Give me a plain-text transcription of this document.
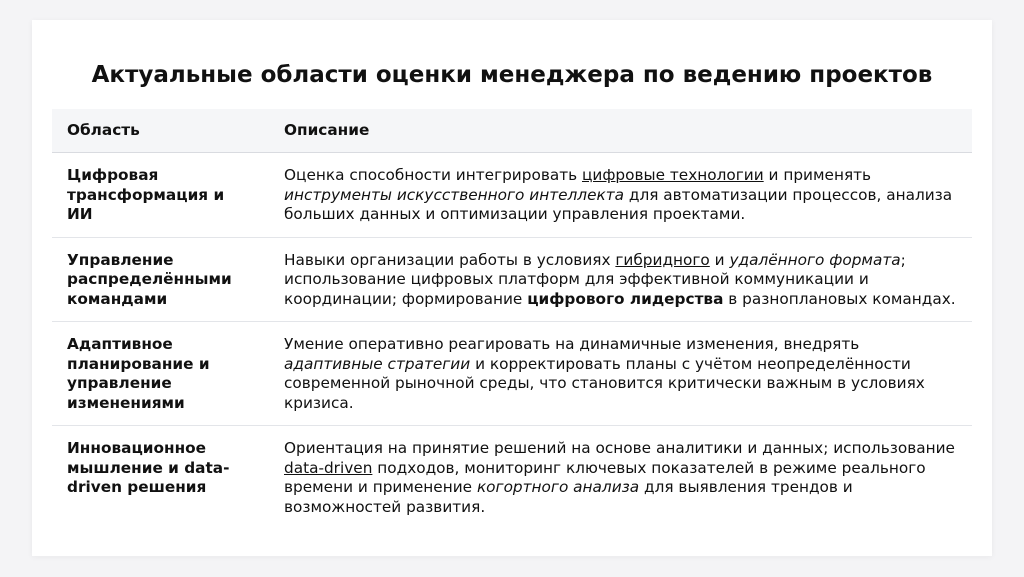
Актуальные области оценки менеджера по ведению проектов
Область	Описание
Цифровая трансформация и ИИ	Оценка способности интегрировать цифровые технологии и применять инструменты искусственного интеллекта для автоматизации процессов, анализа больших данных и оптимизации управления проектами.
Управление распределёнными командами	Навыки организации работы в условиях гибридного и удалённого формата; использование цифровых платформ для эффективной коммуникации и координации; формирование цифрового лидерства в разноплановых командах.
Адаптивное планирование и управление изменениями	Умение оперативно реагировать на динамичные изменения, внедрять адаптивные стратегии и корректировать планы с учётом неопределённости современной рыночной среды, что становится критически важным в условиях кризиса.
Инновационное мышление и data-driven решения	Ориентация на принятие решений на основе аналитики и данных; использование data-driven подходов, мониторинг ключевых показателей в режиме реального времени и применение когортного анализа для выявления трендов и возможностей развития.
